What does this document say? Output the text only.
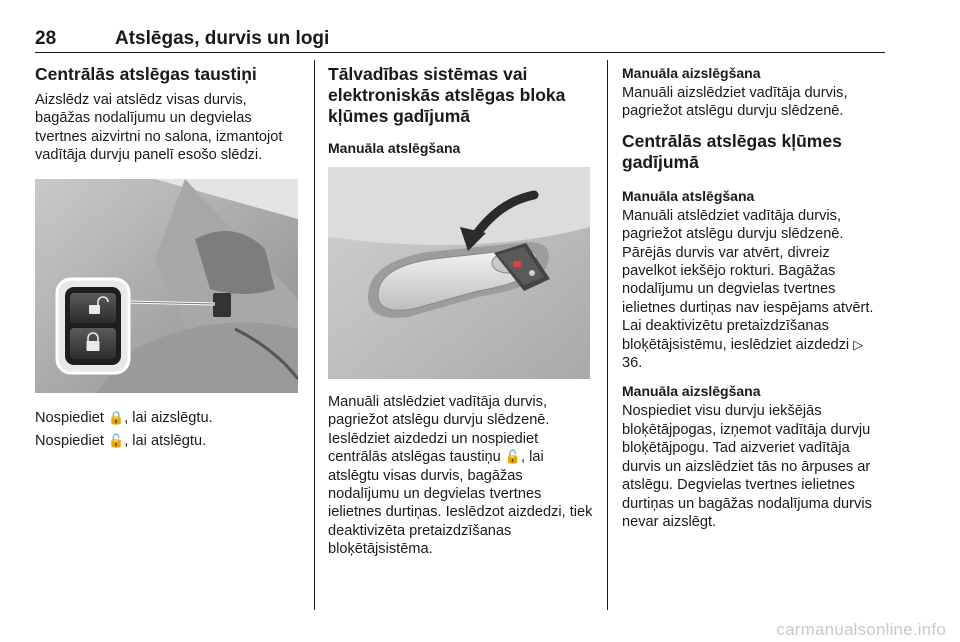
28	Atslēgas, durvis un logi
Centrālās atslēgas taustiņi

Aizslēdz vai atslēdz visas durvis, bagāžas nodalījumu un degvielas tvertnes aizvirtni no salona, izmantojot vadītāja durvju panelī esošo slēdzi.

Nospiediet 🔒, lai aizslēgtu.

Nospiediet 🔓, lai atslēgtu.

Tālvadības sistēmas vai elektroniskās atslēgas bloka kļūmes gadījumā
Manuāla atslēgšana

Manuāli atslēdziet vadītāja durvis, pagriežot atslēgu durvju slēdzenē. Ieslēdziet aizdedzi un nospiediet centrālās atslēgas taustiņu 🔓, lai atslēgtu visas durvis, bagāžas nodalījumu un degvielas tvertnes ielietnes durtiņas. Ieslēdzot aizdedzi, tiek deaktivizēta pretaizdzīšanas bloķētājsistēma.

Manuāla aizslēgšana

Manuāli aizslēdziet vadītāja durvis, pagriežot atslēgu durvju slēdzenē.

Centrālās atslēgas kļūmes gadījumā
Manuāla atslēgšana

Manuāli atslēdziet vadītāja durvis, pagriežot atslēgu durvju slēdzenē. Pārējās durvis var atvērt, divreiz pavelkot iekšējo rokturi. Bagāžas nodalījumu un degvielas tvertnes ielietnes durtiņas nav iespējams atvērt. Lai deaktivizētu pretaizdzīšanas bloķētājsistēmu, ieslēdziet aizdedzi ▷ 36.

Manuāla aizslēgšana

Nospiediet visu durvju iekšējās bloķētājpogas, izņemot vadītāja durvju bloķētājpogu. Tad aizveriet vadītāja durvis un aizslēdziet tās no ārpuses ar atslēgu. Degvielas tvertnes ielietnes durtiņas un bagāžas nodalījuma durvis nevar aizslēgt.

carmanualsonline.info
